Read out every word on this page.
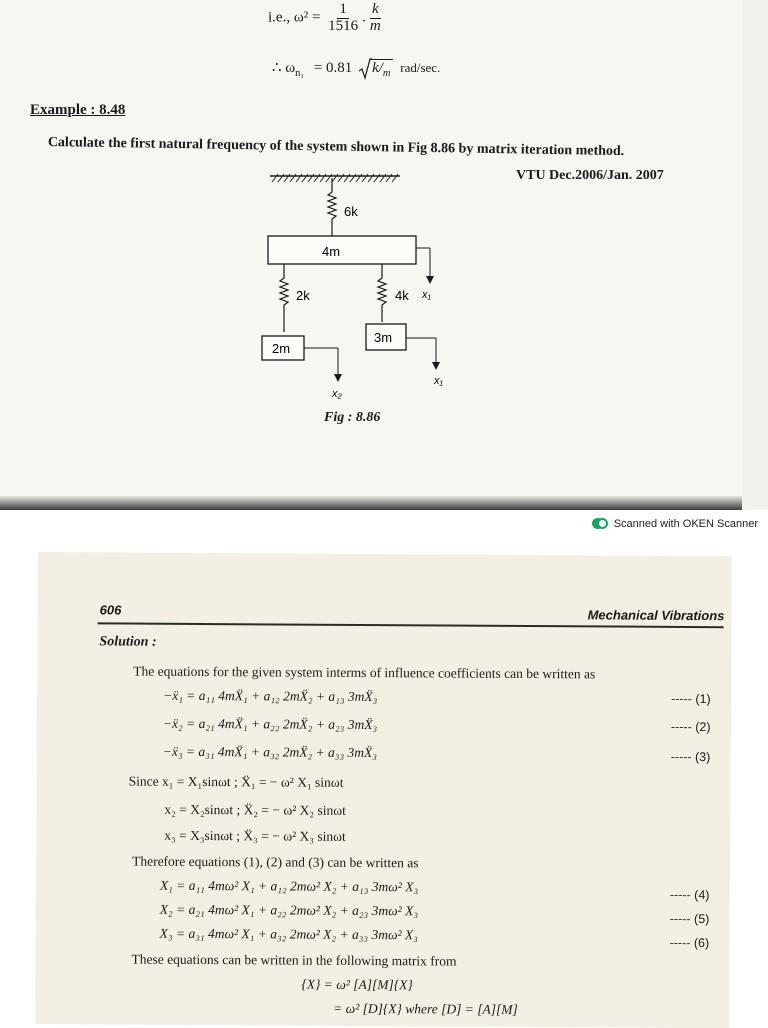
i.e., $\omega^2 = \frac{1}{1516}$ . $\frac{k}{m}$
∴ $\omega_{n_1} = 0.81$ $k/_m$ rad/sec.
Example : 8.48
Calculate the first natural frequency of the system shown in Fig 8.86 by matrix iteration method.
VTU Dec.2006/Jan. 2007
6k
4m
x₁
2k	4k
2m
x₂
3m
x₁
Fig : 8.86
Scanned with OKEN Scanner
606	Mechanical Vibrations
Solution :
The equations for the given system interms of influence coefficients can be written as
−ẍ₁ = a₁₁ 4mẌ₁ + a₁₂ 2mẌ₂ + a₁₃ 3mẌ₃	----- (1)
−ẍ₂ = a₂₁ 4mẌ₁ + a₂₂ 2mẌ₂ + a₂₃ 3mẌ₃	----- (2)
−ẍ₃ = a₃₁ 4mẌ₁ + a₃₂ 2mẌ₂ + a₃₃ 3mẌ₃	----- (3)
Since x₁ = X₁sinωt ; Ẍ₁ = − ω² X₁ sinωt
x₂ = X₂sinωt ; Ẍ₂ = − ω² X₂ sinωt
x₃ = X₃sinωt ; Ẍ₃ = − ω² X₃ sinωt
Therefore equations (1), (2) and (3) can be written as
X₁ = a₁₁ 4mω² X₁ + a₁₂ 2mω² X₂ + a₁₃ 3mω² X₃
----- (4)
X₂ = a₂₁ 4mω² X₁ + a₂₂ 2mω² X₂ + a₂₃ 3mω² X₃
----- (5)
X₃ = a₃₁ 4mω² X₁ + a₃₂ 2mω² X₂ + a₃₃ 3mω² X₃
----- (6)
These equations can be written in the following matrix from
{X} = ω² [A][M]{X}
= ω² [D]{X} where [D] = [A][M]
